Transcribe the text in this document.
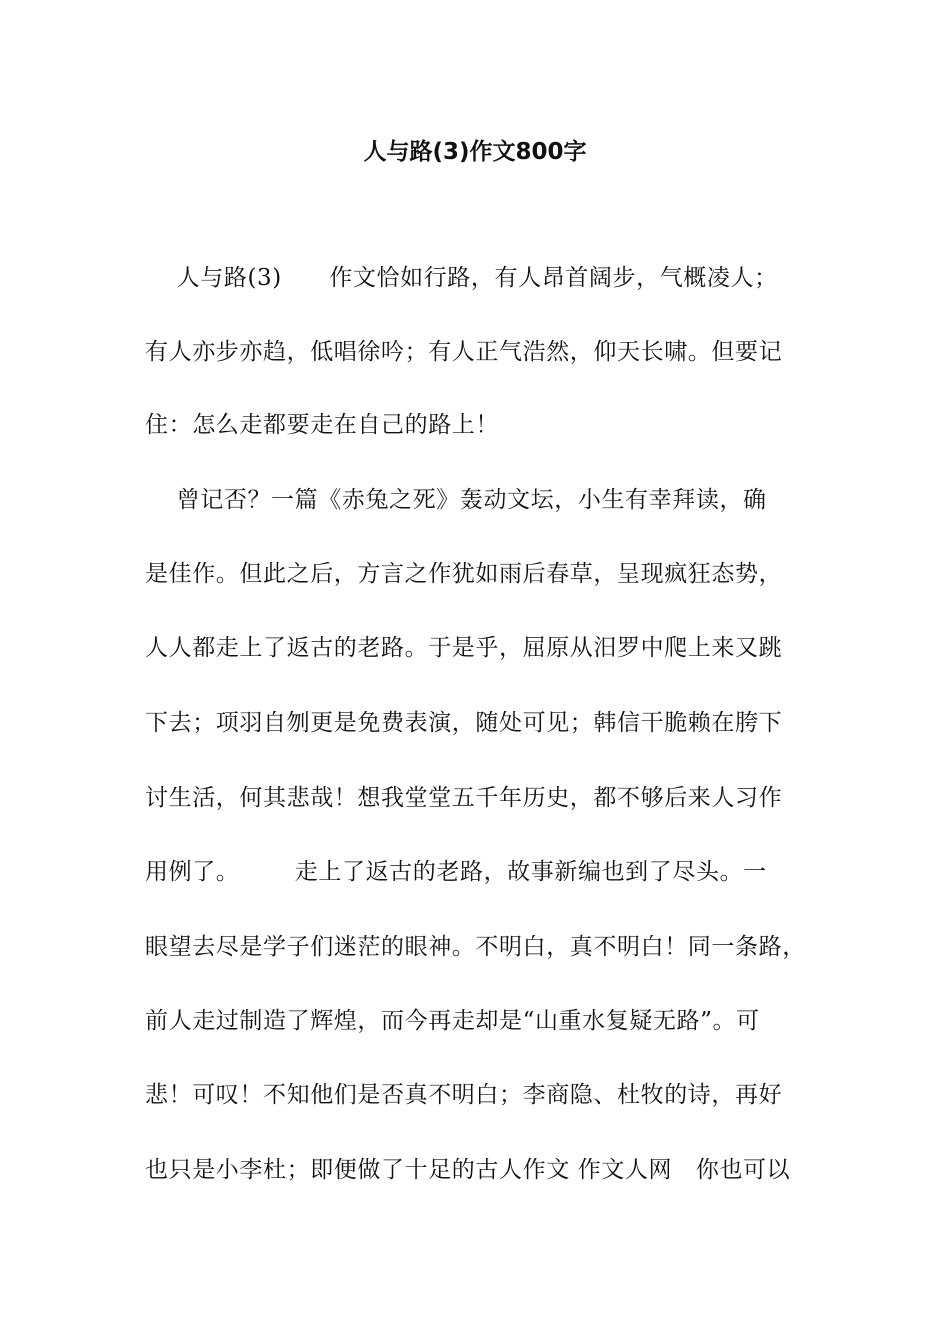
人与路(3)作文800字
人与路(3)      作文恰如行路，有人昂首阔步，气概凌人；
有人亦步亦趋，低唱徐吟；有人正气浩然，仰天长啸。但要记
住：怎么走都要走在自己的路上！
曾记否？一篇《赤兔之死》轰动文坛，小生有幸拜读，确
是佳作。但此之后，方言之作犹如雨后春草，呈现疯狂态势，
人人都走上了返古的老路。于是乎，屈原从汨罗中爬上来又跳
下去；项羽自刎更是免费表演，随处可见；韩信干脆赖在胯下
讨生活，何其悲哉！想我堂堂五千年历史，都不够后来人习作
用例了。       走上了返古的老路，故事新编也到了尽头。一
眼望去尽是学子们迷茫的眼神。不明白，真不明白！同一条路，
前人走过制造了辉煌，而今再走却是“山重水复疑无路”。可
悲！可叹！不知他们是否真不明白；李商隐、杜牧的诗，再好
也只是小李杜；即便做了十足的古人作文 作文人网   你也可以
